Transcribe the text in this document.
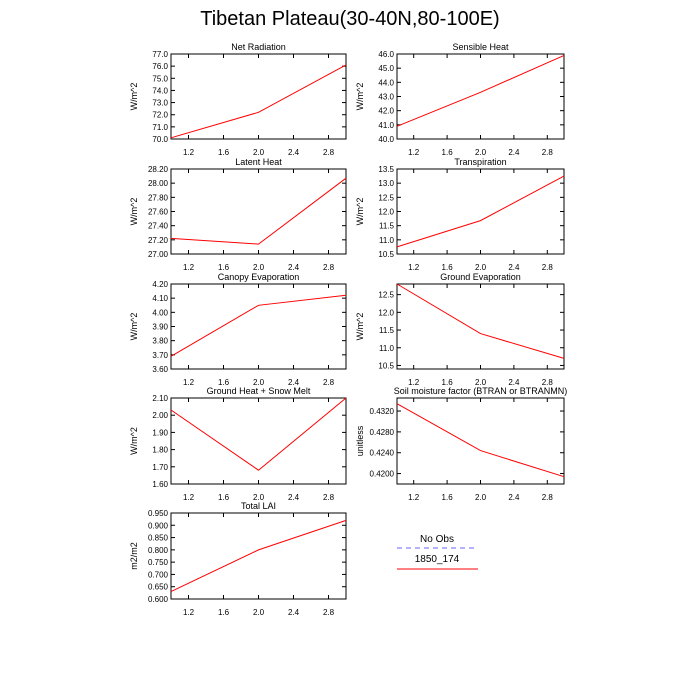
Tibetan Plateau(30-40N,80-100E)
Net Radiation
70.0
71.0
72.0
73.0
74.0
75.0
76.0
77.0
1.2	1.6	2.0	2.4	2.8
W/m^2
Sensible Heat
40.0
41.0
42.0
43.0
44.0
45.0
46.0
1.2	1.6	2.0	2.4	2.8
W/m^2
Latent Heat
27.00
27.20
27.40
27.60
27.80
28.00
28.20
1.2	1.6	2.0	2.4	2.8
W/m^2
Transpiration
10.5
11.0
11.5
12.0
12.5
13.0
13.5
1.2	1.6	2.0	2.4	2.8
W/m^2
Canopy Evaporation
3.60
3.70
3.80
3.90
4.00
4.10
4.20
1.2	1.6	2.0	2.4	2.8
W/m^2
Ground Evaporation
10.5
11.0
11.5
12.0
12.5
1.2	1.6	2.0	2.4	2.8
W/m^2
Ground Heat + Snow Melt
1.60
1.70
1.80
1.90
2.00
2.10
1.2	1.6	2.0	2.4	2.8
W/m^2
Soil moisture factor (BTRAN or BTRANMN)
0.4200
0.4240
0.4280
0.4320
1.2	1.6	2.0	2.4	2.8
unitless
Total LAI
0.600
0.650
0.700
0.750
0.800
0.850
0.900
0.950
1.2	1.6	2.0	2.4	2.8
m2/m2
No Obs
1850_174
